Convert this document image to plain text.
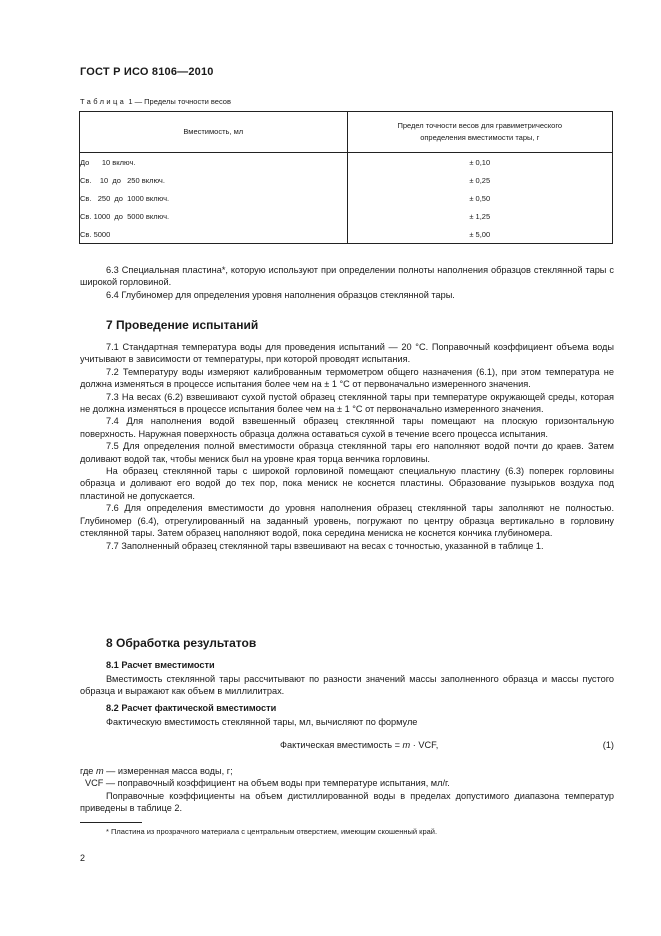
ГОСТ Р ИСО 8106—2010
Таблица 1 — Пределы точности весов
Вместимость, мл	Предел точности весов для гравиметрического
определения вместимости тары, г
До      10 включ.	± 0,10
Св.    10  до   250 включ.	± 0,25
Св.   250  до  1000 включ.	± 0,50
Св. 1000  до  5000 включ.	± 1,25
Св. 5000	± 5,00

6.3 Специальная пластина*, которую используют при определении полноты наполнения образцов стеклянной тары с широкой горловиной.

6.4 Глубиномер для определения уровня наполнения образцов стеклянной тары.

7 Проведение испытаний

7.1 Стандартная температура воды для проведения испытаний — 20 °С. Поправочный коэффициент объема воды учитывают в зависимости от температуры, при которой проводят испытания.

7.2 Температуру воды измеряют калиброванным термометром общего назначения (6.1), при этом температура не должна изменяться в процессе испытания более чем на ± 1 °С от первоначально измеренного значения.

7.3 На весах (6.2) взвешивают сухой пустой образец стеклянной тары при температуре окружающей среды, которая не должна изменяться в процессе испытания более чем на ± 1 °С от первоначально измеренного значения.

7.4 Для наполнения водой взвешенный образец стеклянной тары помещают на плоскую горизонтальную поверхность. Наружная поверхность образца должна оставаться сухой в течение всего процесса испытания.

7.5 Для определения полной вместимости образца стеклянной тары его наполняют водой почти до краев. Затем доливают водой так, чтобы мениск был на уровне края торца венчика горловины.

На образец стеклянной тары с широкой горловиной помещают специальную пластину (6.3) поперек горловины образца и доливают его водой до тех пор, пока мениск не коснется пластины. Образование пузырьков воздуха под пластиной не допускается.

7.6 Для определения вместимости до уровня наполнения образец стеклянной тары заполняют не полностью. Глубиномер (6.4), отрегулированный на заданный уровень, погружают по центру образца вертикально в горловину стеклянной тары. Затем образец наполняют водой, пока середина мениска не коснется кончика глубиномера.

7.7 Заполненный образец стеклянной тары взвешивают на весах с точностью, указанной в таблице 1.

8 Обработка результатов
8.1 Расчет вместимости

Вместимость стеклянной тары рассчитывают по разности значений массы заполненного образца и массы пустого образца и выражают как объем в миллилитрах.

8.2 Расчет фактической вместимости

Фактическую вместимость стеклянной тары, мл, вычисляют по формуле

Фактическая вместимость = m · VCF,	(1)

где m — измеренная масса воды, г;

VCF — поправочный коэффициент на объем воды при температуре испытания, мл/г.

Поправочные коэффициенты на объем дистиллированной воды в пределах допустимого диапазона температур приведены в таблице 2.

* Пластина из прозрачного материала с центральным отверстием, имеющим скошенный край.
2
